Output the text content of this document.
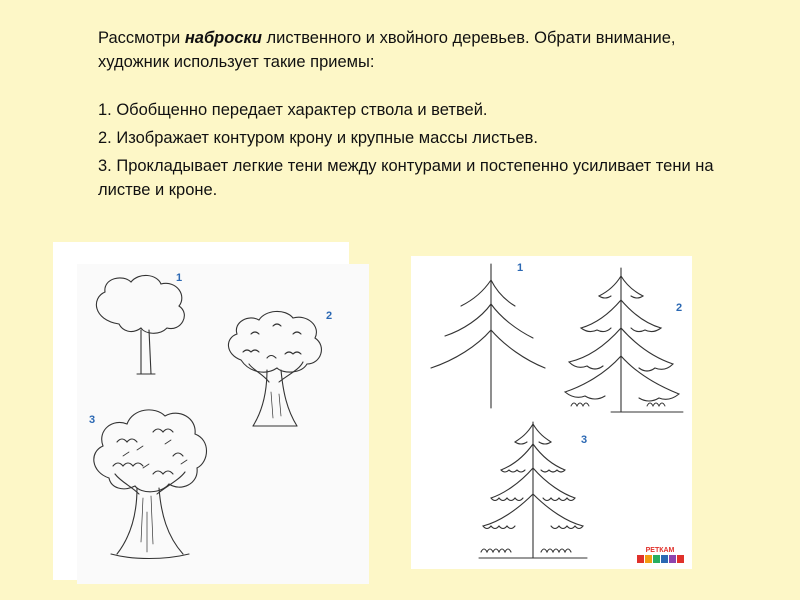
Рассмотри наброски лиственного и хвойного деревьев. Обрати внимание, художник использует такие приемы:

1. Обобщенно передает характер ствола и ветвей.

2. Изображает контуром крону и крупные массы листьев.

3. Прокладывает легкие тени между контурами и постепенно усиливает тени на листве и кроне.

1
2
3
1
2
3
РЕТКАМ
